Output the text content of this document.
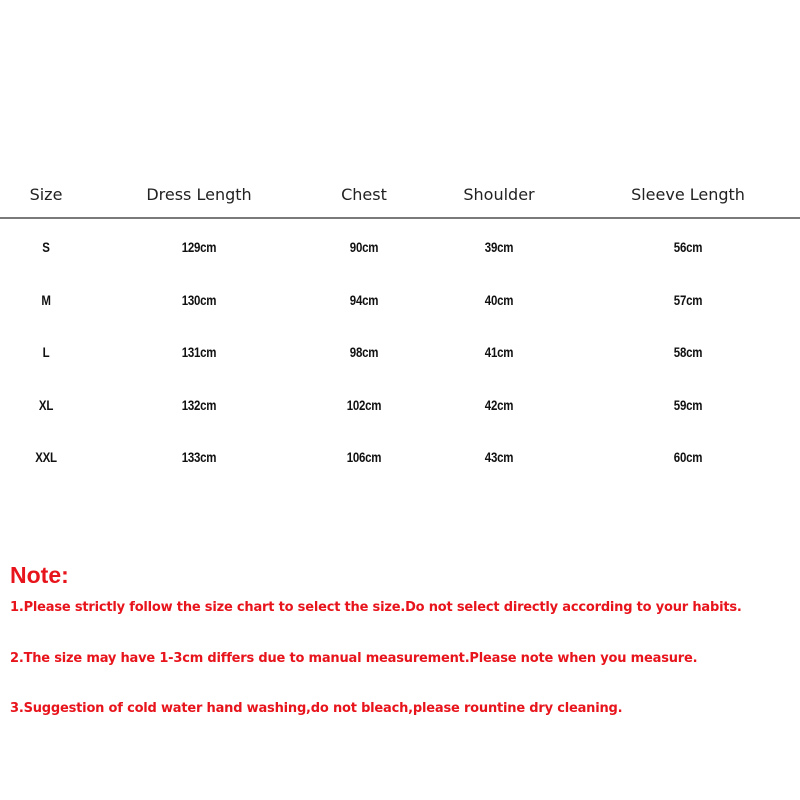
Size	Dress Length	Chest	Shoulder	Sleeve Length
S	129cm	90cm	39cm	56cm
M	130cm	94cm	40cm	57cm
L	131cm	98cm	41cm	58cm
XL	132cm	102cm	42cm	59cm
XXL	133cm	106cm	43cm	60cm

Note:

1.Please strictly follow the size chart to select the size.Do not select directly according to your habits.
2.The size may have 1-3cm differs due to manual measurement.Please note when you measure.
3.Suggestion of cold water hand washing,do not bleach,please rountine dry cleaning.
